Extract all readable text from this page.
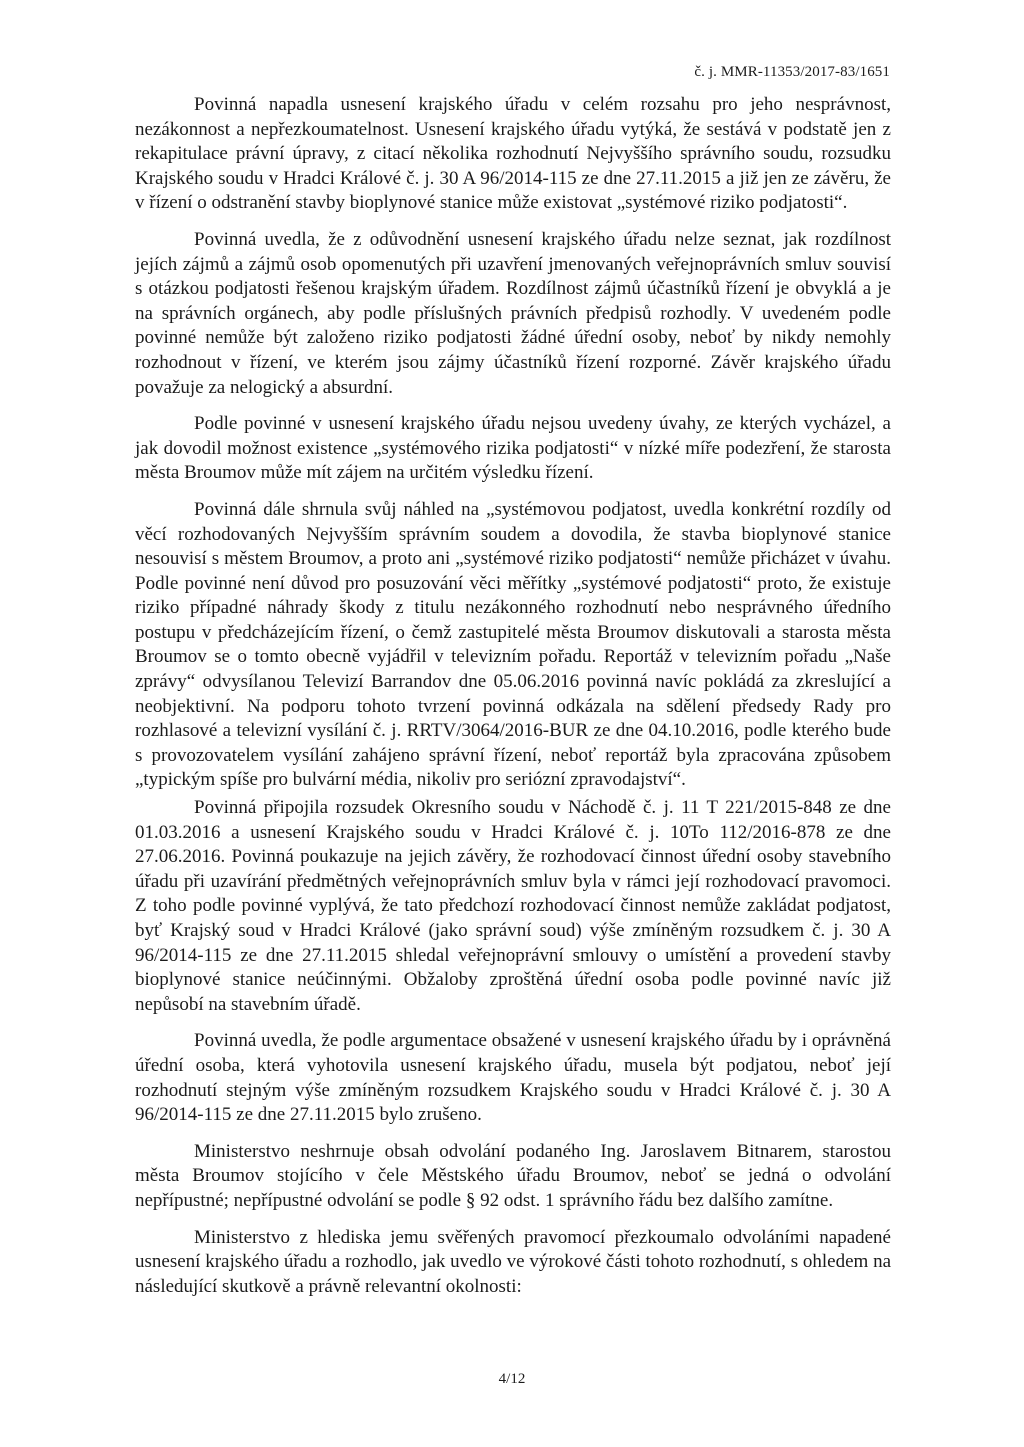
č. j. MMR-11353/2017-83/1651

Povinná napadla usnesení krajského úřadu v celém rozsahu pro jeho nesprávnost, nezákonnost a nepřezkoumatelnost. Usnesení krajského úřadu vytýká, že sestává v podstatě jen z rekapitulace právní úpravy, z citací několika rozhodnutí Nejvyššího správního soudu, rozsudku Krajského soudu v Hradci Králové č. j. 30 A 96/2014-115 ze dne 27.11.2015 a již jen ze závěru, že v řízení o odstranění stavby bioplynové stanice může existovat „systémové riziko podjatosti“.

Povinná uvedla, že z odůvodnění usnesení krajského úřadu nelze seznat, jak rozdílnost jejích zájmů a zájmů osob opomenutých při uzavření jmenovaných veřejnoprávních smluv souvisí s otázkou podjatosti řešenou krajským úřadem. Rozdílnost zájmů účastníků řízení je obvyklá a je na správních orgánech, aby podle příslušných právních předpisů rozhodly. V uvedeném podle povinné nemůže být založeno riziko podjatosti žádné úřední osoby, neboť by nikdy nemohly rozhodnout v řízení, ve kterém jsou zájmy účastníků řízení rozporné. Závěr krajského úřadu považuje za nelogický a absurdní.

Podle povinné v usnesení krajského úřadu nejsou uvedeny úvahy, ze kterých vycházel, a jak dovodil možnost existence „systémového rizika podjatosti“ v nízké míře podezření, že starosta města Broumov může mít zájem na určitém výsledku řízení.

Povinná dále shrnula svůj náhled na „systémovou podjatost, uvedla konkrétní rozdíly od věcí rozhodovaných Nejvyšším správním soudem a dovodila, že stavba bioplynové stanice nesouvisí s městem Broumov, a proto ani „systémové riziko podjatosti“ nemůže přicházet v úvahu. Podle povinné není důvod pro posuzování věci měřítky „systémové podjatosti“ proto, že existuje riziko případné náhrady škody z titulu nezákonného rozhodnutí nebo nesprávného úředního postupu v předcházejícím řízení, o čemž zastupitelé města Broumov diskutovali a starosta města Broumov se o tomto obecně vyjádřil v televizním pořadu. Reportáž v televizním pořadu „Naše zprávy“ odvysílanou Televizí Barrandov dne 05.06.2016 povinná navíc pokládá za zkreslující a neobjektivní. Na podporu tohoto tvrzení povinná odkázala na sdělení předsedy Rady pro rozhlasové a televizní vysílání č. j. RRTV/3064/2016-BUR ze dne 04.10.2016, podle kterého bude s provozovatelem vysílání zahájeno správní řízení, neboť reportáž byla zpracována způsobem „typickým spíše pro bulvární média, nikoliv pro seriózní zpravodajství“.

Povinná připojila rozsudek Okresního soudu v Náchodě č. j. 11 T 221/2015-848 ze dne 01.03.2016 a usnesení Krajského soudu v Hradci Králové č. j. 10To 112/2016-878 ze dne 27.06.2016. Povinná poukazuje na jejich závěry, že rozhodovací činnost úřední osoby stavebního úřadu při uzavírání předmětných veřejnoprávních smluv byla v rámci její rozhodovací pravomoci. Z toho podle povinné vyplývá, že tato předchozí rozhodovací činnost nemůže zakládat podjatost, byť Krajský soud v Hradci Králové (jako správní soud) výše zmíněným rozsudkem č. j. 30 A 96/2014-115 ze dne 27.11.2015 shledal veřejnoprávní smlouvy o umístění a provedení stavby bioplynové stanice neúčinnými. Obžaloby zproštěná úřední osoba podle povinné navíc již nepůsobí na stavebním úřadě.

Povinná uvedla, že podle argumentace obsažené v usnesení krajského úřadu by i oprávněná úřední osoba, která vyhotovila usnesení krajského úřadu, musela být podjatou, neboť její rozhodnutí stejným výše zmíněným rozsudkem Krajského soudu v Hradci Králové č. j. 30 A 96/2014-115 ze dne 27.11.2015 bylo zrušeno.

Ministerstvo neshrnuje obsah odvolání podaného Ing. Jaroslavem Bitnarem, starostou města Broumov stojícího v čele Městského úřadu Broumov, neboť se jedná o odvolání nepřípustné; nepřípustné odvolání se podle § 92 odst. 1 správního řádu bez dalšího zamítne.

Ministerstvo z hlediska jemu svěřených pravomocí přezkoumalo odvoláními napadené usnesení krajského úřadu a rozhodlo, jak uvedlo ve výrokové části tohoto rozhodnutí, s ohledem na následující skutkově a právně relevantní okolnosti:

4/12
